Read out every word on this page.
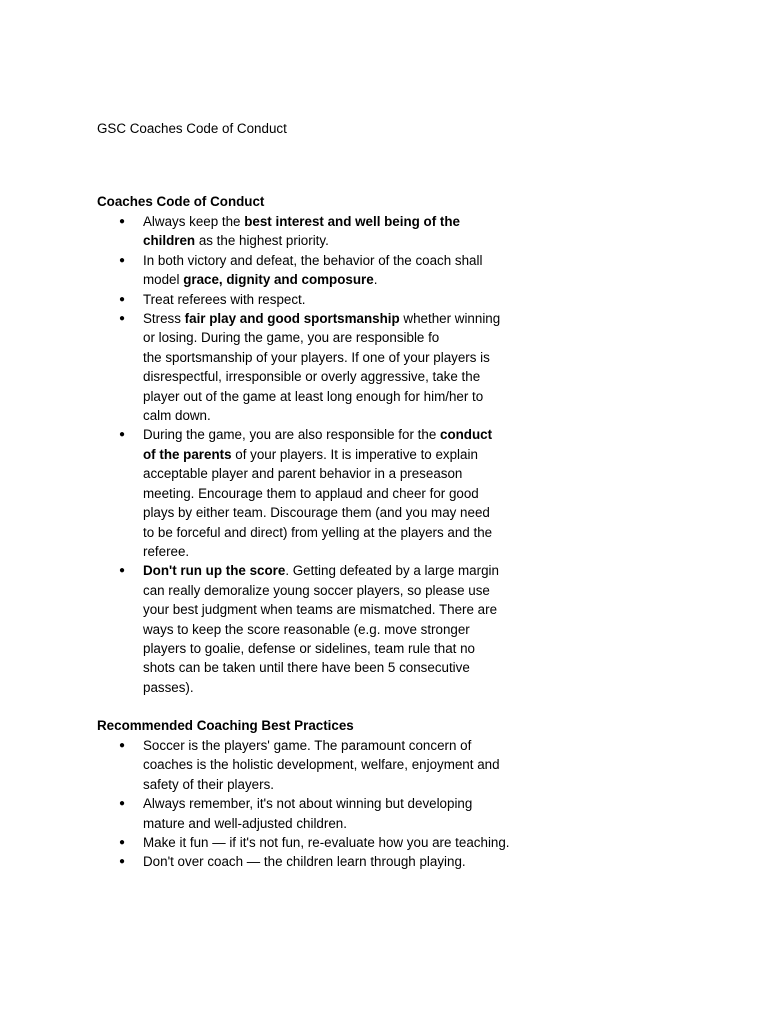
GSC Coaches Code of Conduct

Coaches Code of Conduct

● Always keep the best interest and well being of the
children as the highest priority.
● In both victory and defeat, the behavior of the coach shall model grace, dignity and composure.
● Treat referees with respect.
● Stress fair play and good sportsmanship whether winning or losing. During the game, you are responsible fo
the sportsmanship of your players. If one of your players is disrespectful, irresponsible or overly aggressive, take the player out of the game at least long enough for him/her to calm down.
● During the game, you are also responsible for the conduct
of the parents of your players. It is imperative to explain acceptable player and parent behavior in a preseason meeting. Encourage them to applaud and cheer for good plays by either team. Discourage them (and you may need
to be forceful and direct) from yelling at the players and the
referee.
● Don't run up the score. Getting defeated by a large margin can really demoralize young soccer players, so please use your best judgment when teams are mismatched. There are ways to keep the score reasonable (e.g. move stronger players to goalie, defense or sidelines, team rule that no shots can be taken until there have been 5 consecutive passes).

Recommended Coaching Best Practices

● Soccer is the players' game. The paramount concern of coaches is the holistic development, welfare, enjoyment and safety of their players.
● Always remember, it's not about winning but developing mature and well-adjusted children.
● Make it fun — if it's not fun, re-evaluate how you are teaching.
● Don't over coach — the children learn through playing.
